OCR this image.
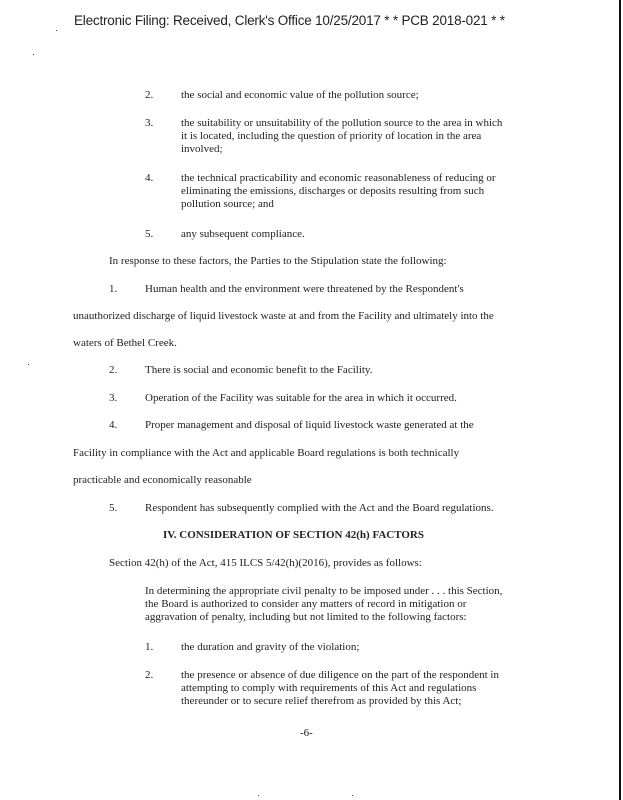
Electronic Filing: Received, Clerk's Office 10/25/2017 * * PCB 2018-021 * *
2.	the social and economic value of the pollution source;
3.	the suitability or unsuitability of the pollution source to the area in which
it is located, including the question of priority of location in the area
involved;
4.	the technical practicability and economic reasonableness of reducing or
eliminating the emissions, discharges or deposits resulting from such
pollution source; and
5.	any subsequent compliance.
In response to these factors, the Parties to the Stipulation state the following:
1.	Human health and the environment were threatened by the Respondent's
unauthorized discharge of liquid livestock waste at and from the Facility and ultimately into the
waters of Bethel Creek.
2.	There is social and economic benefit to the Facility.
3.	Operation of the Facility was suitable for the area in which it occurred.
4.	Proper management and disposal of liquid livestock waste generated at the
Facility in compliance with the Act and applicable Board regulations is both technically
practicable and economically reasonable
5.	Respondent has subsequently complied with the Act and the Board regulations.
IV. CONSIDERATION OF SECTION 42(h) FACTORS
Section 42(h) of the Act, 415 ILCS 5/42(h)(2016), provides as follows:
In determining the appropriate civil penalty to be imposed under . . . this Section,
the Board is authorized to consider any matters of record in mitigation or
aggravation of penalty, including but not limited to the following factors:
1.	the duration and gravity of the violation;
2.	the presence or absence of due diligence on the part of the respondent in
attempting to comply with requirements of this Act and regulations
thereunder or to secure relief therefrom as provided by this Act;
-6-
